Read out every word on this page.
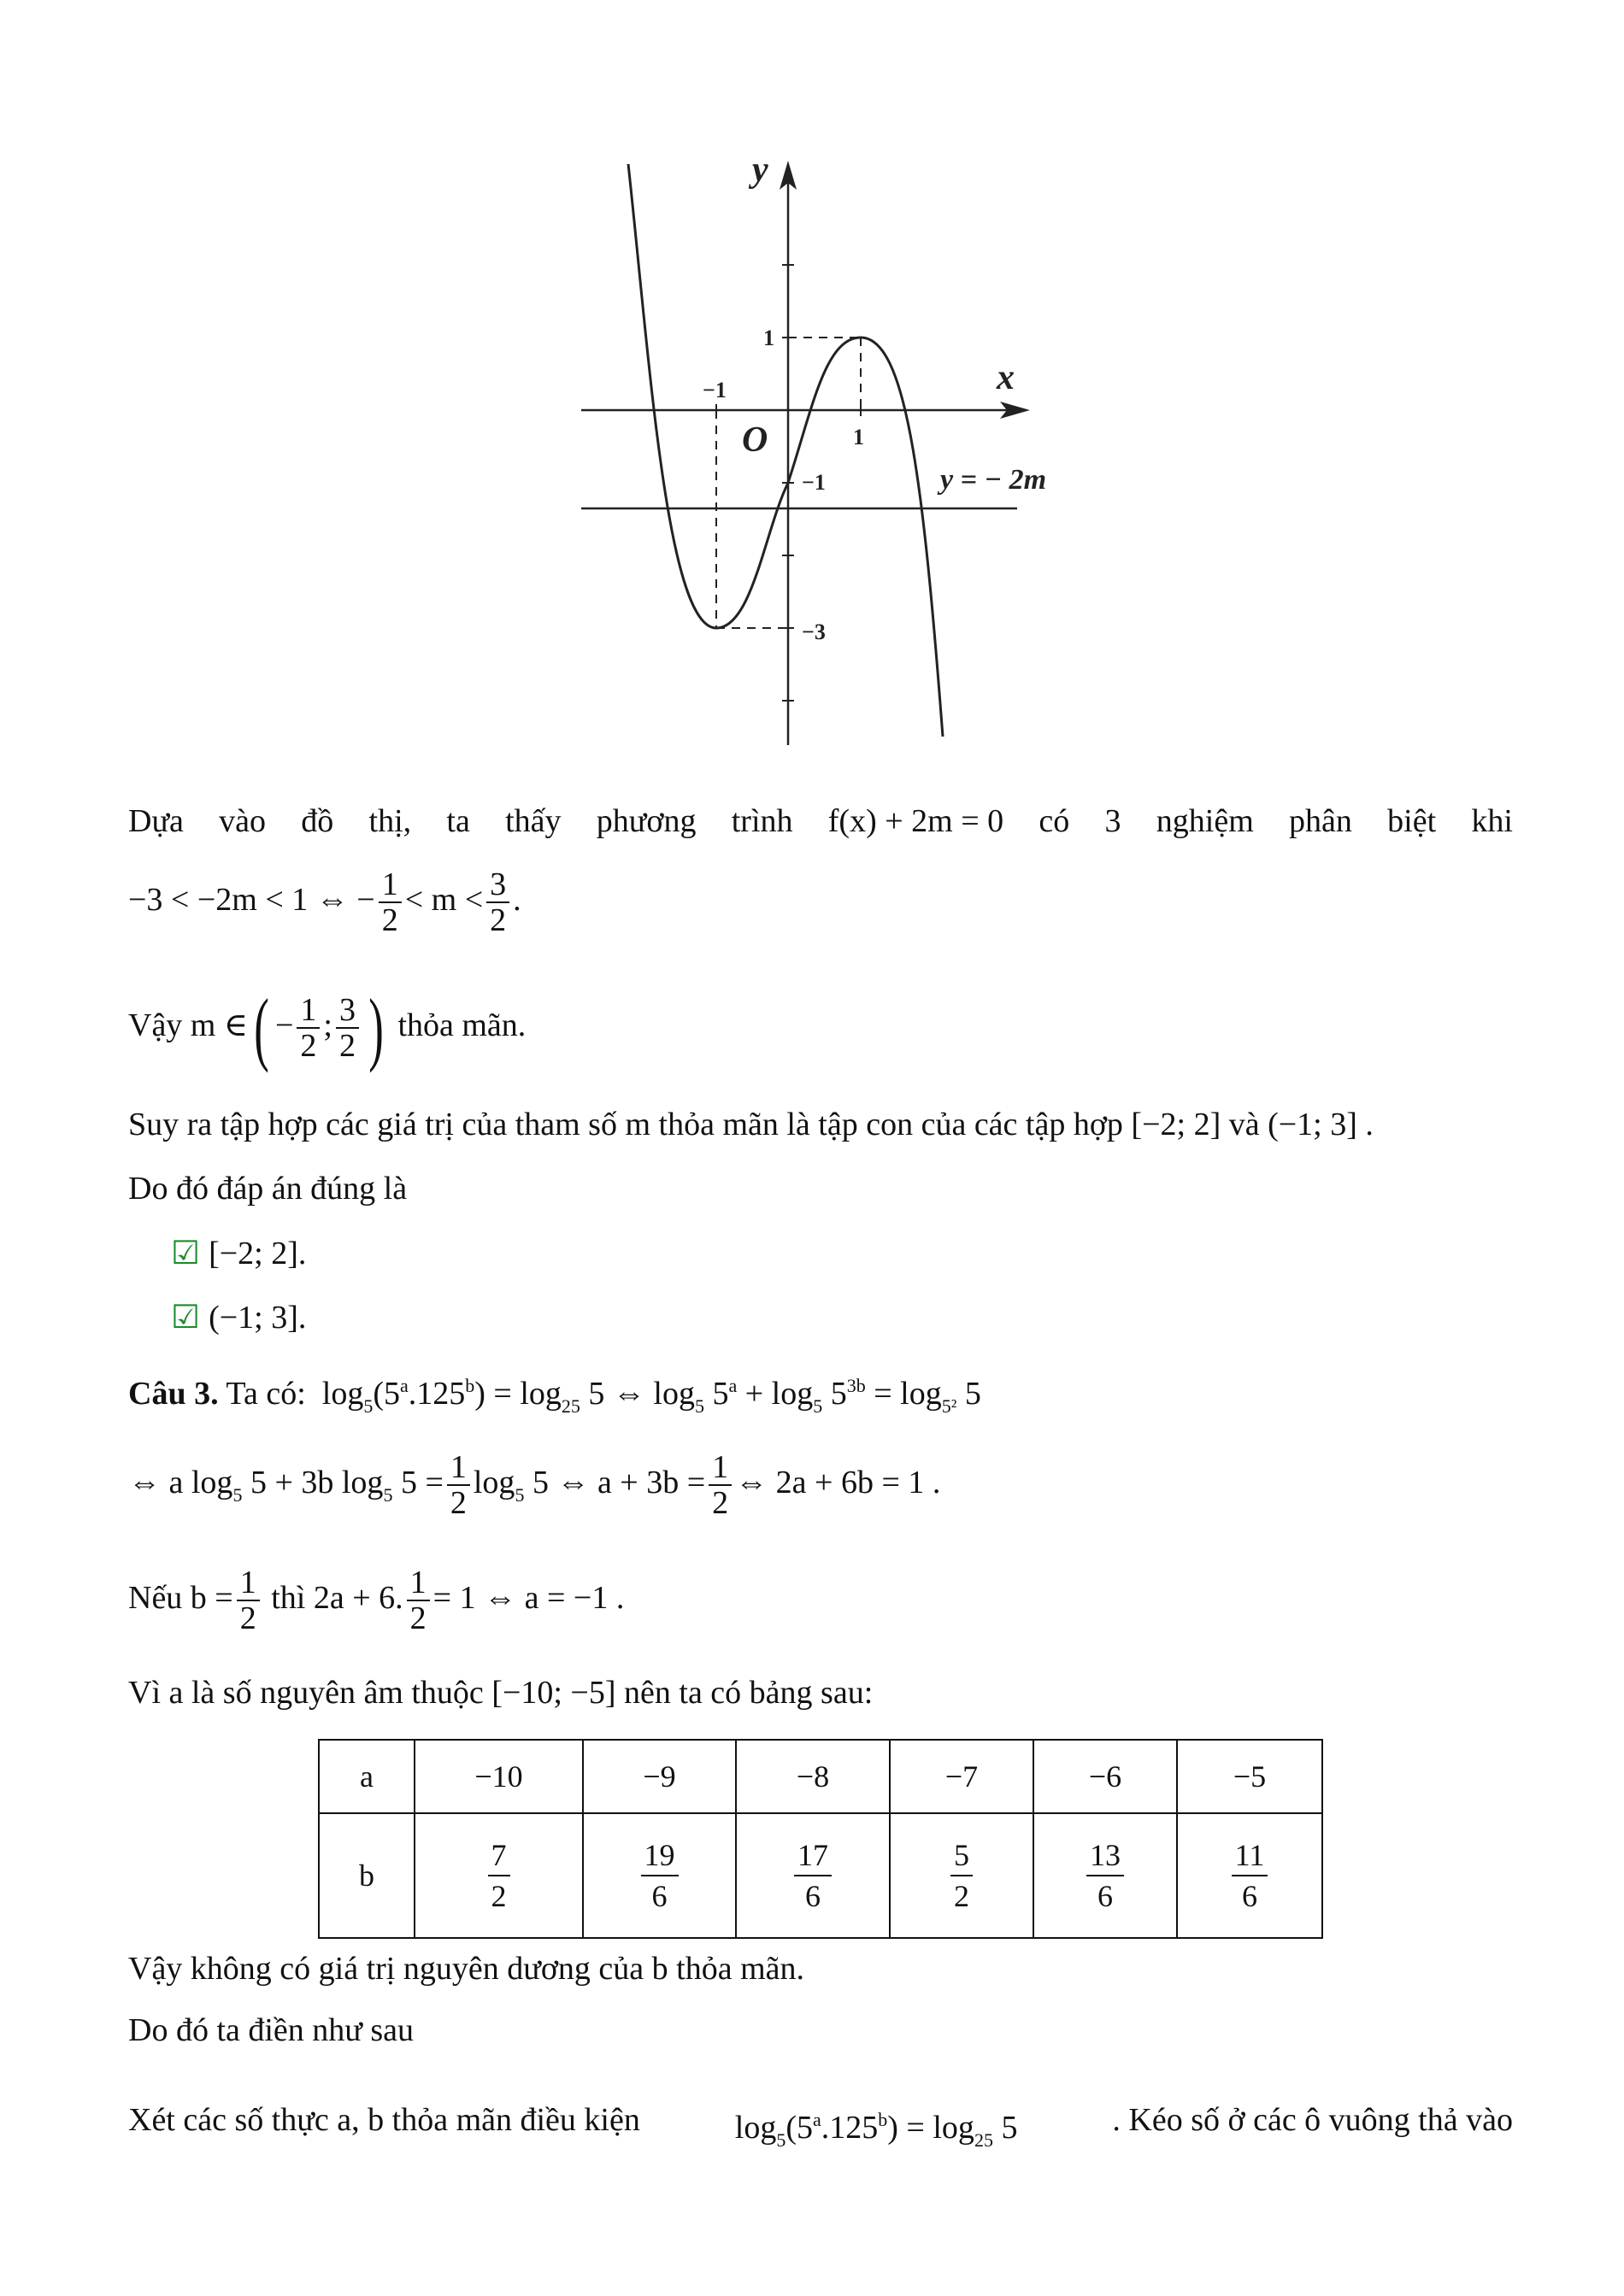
y
x
O
−1
1
1
−1
−3
y = − 2m
Dựa vào đồ thị, ta thấy phương trình f(x) + 2m = 0 có 3 nghiệm phân biệt khi
−3 < −2m < 1 ⇔ − $\frac{1}{2} < m < \frac{3}{2}$ .
Vậy m ∈( − $\frac{1}{2}$ ; $\frac{3}{2}$ ) thỏa mãn.
Suy ra tập hợp các giá trị của tham số m thỏa mãn là tập con của các tập hợp [−2; 2] và (−1; 3] .
Do đó đáp án đúng là
☑ [−2; 2].
☑ (−1; 3].
Câu 3. Ta có: $\log_5(5^a.125^b) = \log_{25} 5$ ⇔ $\log_5 5^a + \log_5 5^{3b} = \log_{5^2} 5$
⇔ a $\log_5 5 + 3b$ $\log_5 5 = \frac{1}{2} \log_5 5$ ⇔ $a + 3b = \frac{1}{2}$ ⇔ 2a + 6b = 1 .
Nếu $b = \frac{1}{2}$ thì 2a + 6. $\frac{1}{2} = 1$ ⇔ a = −1 .
Vì a là số nguyên âm thuộc [−10; −5] nên ta có bảng sau:
a	−10	−9	−8	−7	−6	−5
b	$\frac{7}{2}$	$\frac{19}{6}$	$\frac{17}{6}$	$\frac{5}{2}$	$\frac{13}{6}$	$\frac{11}{6}$
Vậy không có giá trị nguyên dương của b thỏa mãn.
Do đó ta điền như sau
Xét các số thực a, b thỏa mãn điều kiện	$\log_5(5^a.125^b) = \log_{25} 5$	. Kéo số ở các ô vuông thả vào
